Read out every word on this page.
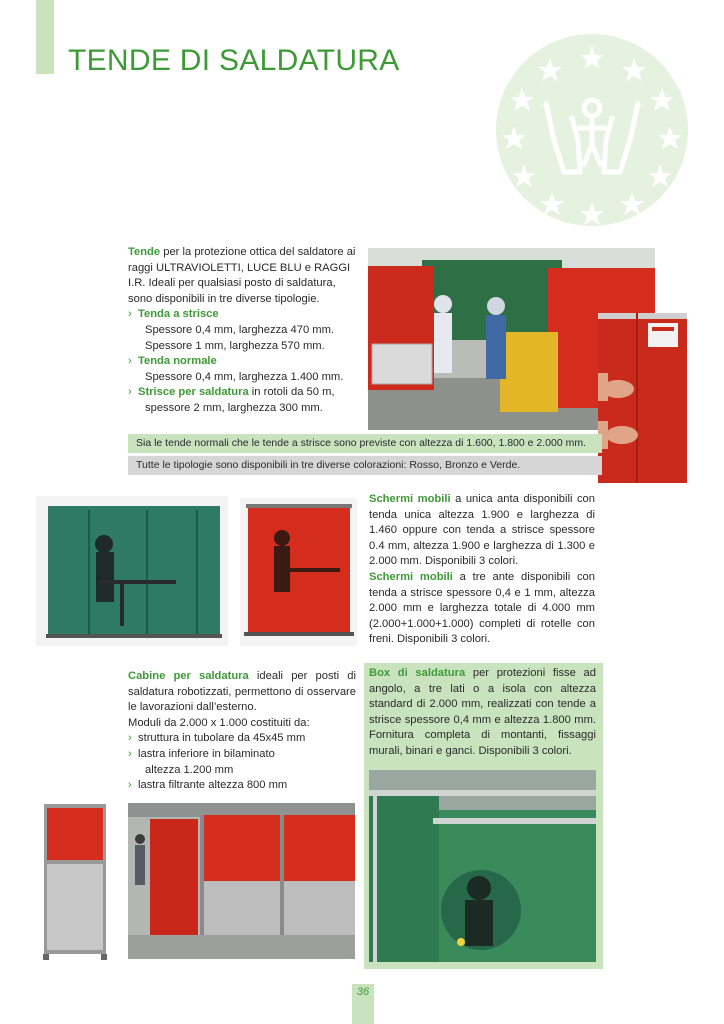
TENDE DI SALDATURA
Tende per la protezione ottica del saldatore ai raggi ULTRAVIOLETTI, LUCE BLU e RAGGI I.R. Ideali per qualsiasi posto di saldatura, sono disponibili in tre diverse tipologie.
› Tenda a strisce
Spessore 0,4 mm, larghezza 470 mm.
Spessore 1 mm, larghezza 570 mm.
› Tenda normale
Spessore 0,4 mm, larghezza 1.400 mm.
› Strisce per saldatura in rotoli da 50 m,
spessore 2 mm, larghezza 300 mm.
Sia le tende normali che le tende a strisce sono previste con altezza di 1.600, 1.800 e 2.000 mm.
Tutte le tipologie sono disponibili in tre diverse colorazioni: Rosso, Bronzo e Verde.
Schermi mobili a unica anta disponibili con tenda unica altezza 1.900 e larghezza di 1.460 oppure con tenda a strisce spessore 0.4 mm, altezza 1.900 e larghezza di 1.300 e 2.000 mm. Disponibili 3 colori.
Schermi mobili a tre ante disponibili con tenda a strisce spessore 0,4 e 1 mm, altezza 2.000 mm e larghezza totale di 4.000 mm (2.000+1.000+1.000) completi di rotelle con freni. Disponibili 3 colori.
Cabine per saldatura ideali per posti di saldatura robotizzati, permettono di osservare le lavorazioni dall’esterno.
Moduli da 2.000 x 1.000 costituiti da:
› struttura in tubolare da 45x45 mm
› lastra inferiore in bilaminato
altezza 1.200 mm
› lastra filtrante altezza 800 mm
Box di saldatura per protezioni fisse ad angolo, a tre lati o a isola con altezza standard di 2.000 mm, realizzati con tende a strisce spessore 0,4 mm e altezza 1.800 mm. Fornitura completa di montanti, fissaggi murali, binari e ganci. Disponibili 3 colori.
36
